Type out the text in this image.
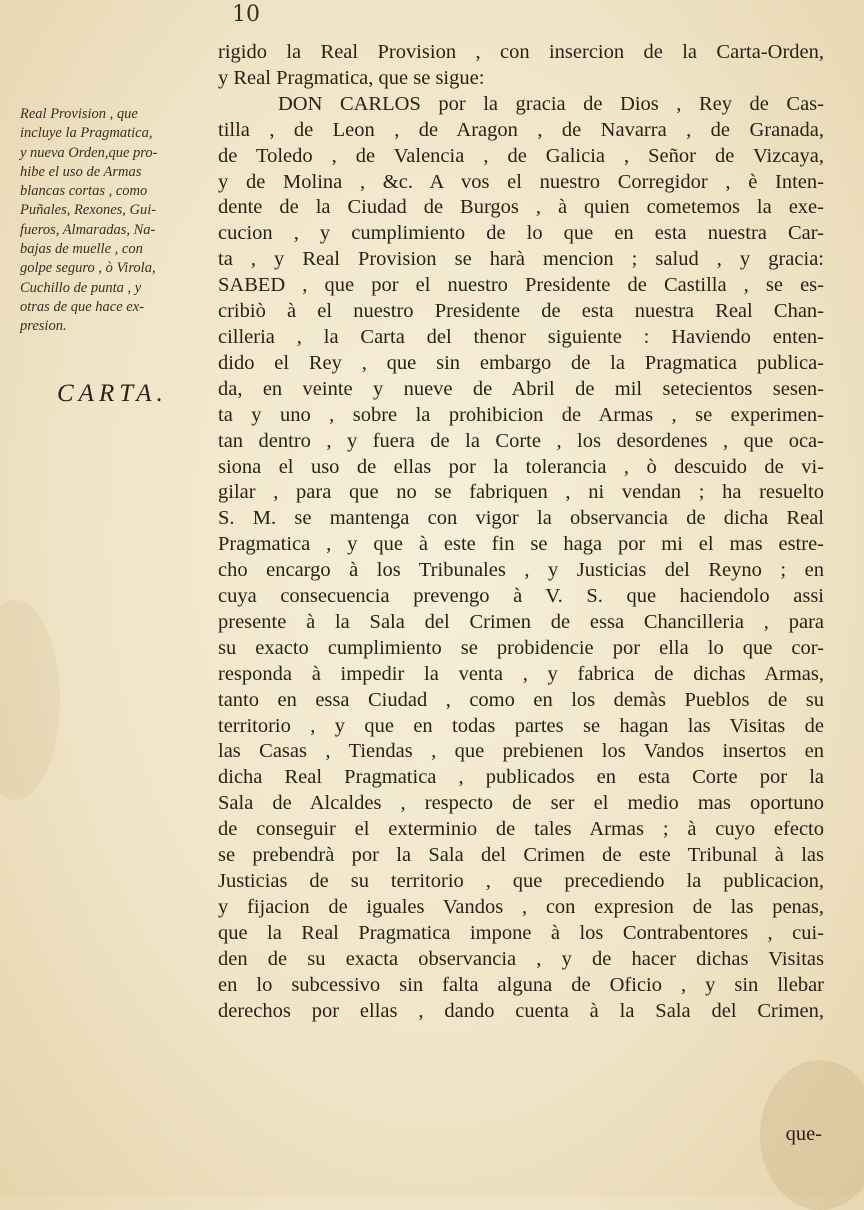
10
Real Provision , que
incluye la Pragmatica,
y nueva Orden,que pro-
hibe el uso de Armas
blancas cortas , como
Puñales, Rexones, Gui-
fueros, Almaradas, Na-
bajas de muelle , con
golpe seguro , ò Virola,
Cuchillo de punta , y
otras de que hace ex-
presion.
CARTA.
rigido la Real Provision , con insercion de la Carta-Orden,
y Real Pragmatica, que se sigue:
DON CARLOS por la gracia de Dios , Rey de Cas-
tilla , de Leon , de Aragon , de Navarra , de Granada,
de Toledo , de Valencia , de Galicia , Señor de Vizcaya,
y de Molina , &c. A vos el nuestro Corregidor , è Inten-
dente de la Ciudad de Burgos , à quien cometemos la exe-
cucion , y cumplimiento de lo que en esta nuestra Car-
ta , y Real Provision se harà mencion ; salud , y gracia:
SABED , que por el nuestro Presidente de Castilla , se es-
cribiò à el nuestro Presidente de esta nuestra Real Chan-
cilleria , la Carta del thenor siguiente : Haviendo enten-
dido el Rey , que sin embargo de la Pragmatica publica-
da, en veinte y nueve de Abril de mil setecientos sesen-
ta y uno , sobre la prohibicion de Armas , se experimen-
tan dentro , y fuera de la Corte , los desordenes , que oca-
siona el uso de ellas por la tolerancia , ò descuido de vi-
gilar , para que no se fabriquen , ni vendan ; ha resuelto
S. M. se mantenga con vigor la observancia de dicha Real
Pragmatica , y que à este fin se haga por mi el mas estre-
cho encargo à los Tribunales , y Justicias del Reyno ; en
cuya consecuencia prevengo à V. S. que haciendolo assi
presente à la Sala del Crimen de essa Chancilleria , para
su exacto cumplimiento se probidencie por ella lo que cor-
responda à impedir la venta , y fabrica de dichas Armas,
tanto en essa Ciudad , como en los demàs Pueblos de su
territorio , y que en todas partes se hagan las Visitas de
las Casas , Tiendas , que prebienen los Vandos insertos en
dicha Real Pragmatica , publicados en esta Corte por la
Sala de Alcaldes , respecto de ser el medio mas oportuno
de conseguir el exterminio de tales Armas ; à cuyo efecto
se prebendrà por la Sala del Crimen de este Tribunal à las
Justicias de su territorio , que precediendo la publicacion,
y fijacion de iguales Vandos , con expresion de las penas,
que la Real Pragmatica impone à los Contrabentores , cui-
den de su exacta observancia , y de hacer dichas Visitas
en lo subcessivo sin falta alguna de Oficio , y sin llebar
derechos por ellas , dando cuenta à la Sala del Crimen,
que-
